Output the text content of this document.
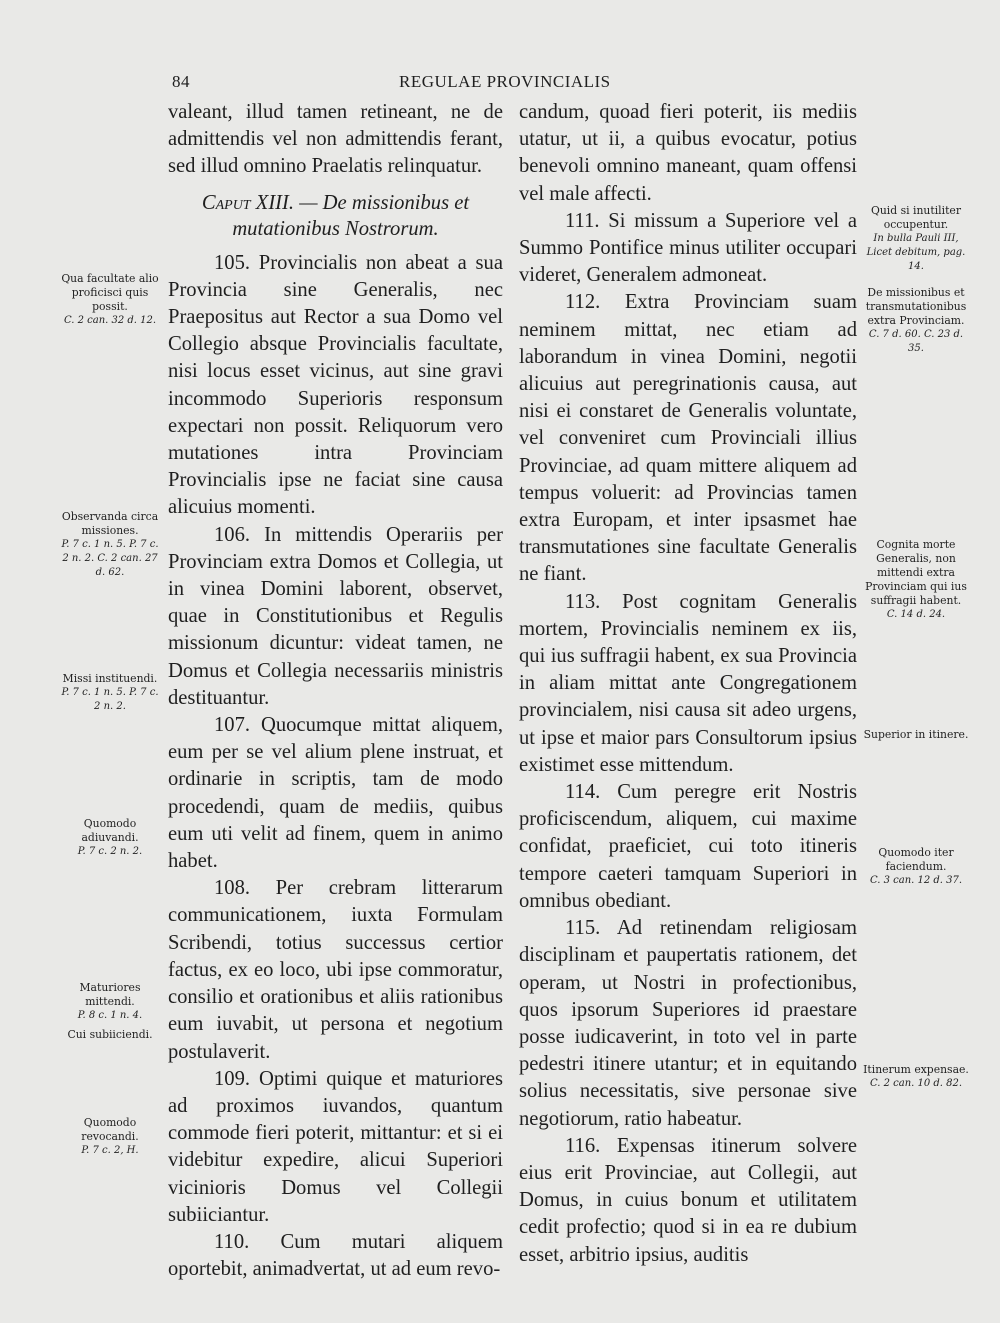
84	REGULAE PROVINCIALIS

valeant, illud tamen retineant, ne de admittendis vel non admittendis ferant, sed illud omnino Praelatis relinquatur.

Caput XIII. — De missionibus et mutationibus Nostrorum.

105. Provincialis non abeat a sua Provincia sine Generalis, nec Praepositus aut Rector a sua Domo vel Collegio absque Provincialis facultate, nisi locus esset vicinus, aut sine gravi incommodo Superioris responsum expectari non possit. Reliquorum vero mutationes intra Provinciam Provincialis ipse ne faciat sine causa alicuius momenti.

106. In mittendis Operariis per Provinciam extra Domos et Collegia, ut in vinea Domini laborent, observet, quae in Constitutionibus et Regulis missionum dicuntur: videat tamen, ne Domus et Collegia necessariis ministris destituantur.

107. Quocumque mittat aliquem, eum per se vel alium plene instruat, et ordinarie in scriptis, tam de modo procedendi, quam de mediis, quibus eum uti velit ad finem, quem in animo habet.

108. Per crebram litterarum communicationem, iuxta Formulam Scribendi, totius successus certior factus, ex eo loco, ubi ipse commoratur, consilio et orationibus et aliis rationibus eum iuvabit, ut persona et negotium postulaverit.

109. Optimi quique et maturiores ad proximos iuvandos, quantum commode fieri poterit, mittantur: et si ei videbitur expedire, alicui Superiori vicinioris Domus vel Collegii subiiciantur.

110. Cum mutari aliquem oportebit, animadvertat, ut ad eum revo-

candum, quoad fieri poterit, iis mediis utatur, ut ii, a quibus evocatur, potius benevoli omnino maneant, quam offensi vel male affecti.

111. Si missum a Superiore vel a Summo Pontifice minus utiliter occupari videret, Generalem admoneat.

112. Extra Provinciam suam neminem mittat, nec etiam ad laborandum in vinea Domini, negotii alicuius aut peregrinationis causa, aut nisi ei constaret de Generalis voluntate, vel conveniret cum Provinciali illius Provinciae, ad quam mittere aliquem ad tempus voluerit: ad Provincias tamen extra Europam, et inter ipsasmet hae transmutationes sine facultate Generalis ne fiant.

113. Post cognitam Generalis mortem, Provincialis neminem ex iis, qui ius suffragii habent, ex sua Provincia in aliam mittat ante Congregationem provincialem, nisi causa sit adeo urgens, ut ipse et maior pars Consultorum ipsius existimet esse mittendum.

114. Cum peregre erit Nostris proficiscendum, aliquem, cui maxime confidat, praeficiet, cui toto itineris tempore caeteri tamquam Superiori in omnibus obediant.

115. Ad retinendam religiosam disciplinam et paupertatis rationem, det operam, ut Nostri in profectionibus, quos ipsorum Superiores id praestare posse iudicaverint, in toto vel in parte pedestri itinere utantur; et in equitando solius necessitatis, sive personae sive negotiorum, ratio habeatur.

116. Expensas itinerum solvere eius erit Provinciae, aut Collegii, aut Domus, in cuius bonum et utilitatem cedit profectio; quod si in ea re dubium esset, arbitrio ipsius, auditis

Qua facultate alio proficisci quis possit.
C. 2 can. 32 d. 12.
Observanda circa missiones.
P. 7 c. 1 n. 5. P. 7 c. 2 n. 2. C. 2 can. 27 d. 62.
Missi instituendi.
P. 7 c. 1 n. 5. P. 7 c. 2 n. 2.
Quomodo adiuvandi.
P. 7 c. 2 n. 2.
Maturiores mittendi.
P. 8 c. 1 n. 4.
Cui subiiciendi.
Quomodo revocandi.
P. 7 c. 2, H.
Quid si inutiliter occupentur.
In bulla Pauli III, Licet debitum, pag. 14.
De missionibus et transmutationibus extra Provinciam.
C. 7 d. 60. C. 23 d. 35.
Cognita morte Generalis, non mittendi extra Provinciam qui ius suffragii habent.
C. 14 d. 24.
Superior in itinere.
Quomodo iter faciendum.
C. 3 can. 12 d. 37.
Itinerum expensae.
C. 2 can. 10 d. 82.
